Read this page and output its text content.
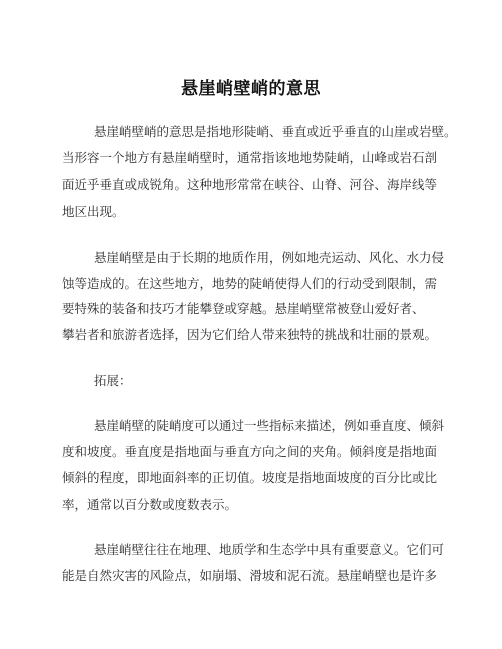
悬崖峭壁峭的意思
悬崖峭壁峭的意思是指地形陡峭、垂直或近乎垂直的山崖或岩壁。
当形容一个地方有悬崖峭壁时，通常指该地地势陡峭，山峰或岩石剖
面近乎垂直或成锐角。这种地形常常在峡谷、山脊、河谷、海岸线等
地区出现。
悬崖峭壁是由于长期的地质作用，例如地壳运动、风化、水力侵
蚀等造成的。在这些地方，地势的陡峭使得人们的行动受到限制，需
要特殊的装备和技巧才能攀登或穿越。悬崖峭壁常被登山爱好者、
攀岩者和旅游者选择，因为它们给人带来独特的挑战和壮丽的景观。
拓展：
悬崖峭壁的陡峭度可以通过一些指标来描述，例如垂直度、倾斜
度和坡度。垂直度是指地面与垂直方向之间的夹角。倾斜度是指地面
倾斜的程度，即地面斜率的正切值。坡度是指地面坡度的百分比或比
率，通常以百分数或度数表示。
悬崖峭壁往往在地理、地质学和生态学中具有重要意义。它们可
能是自然灾害的风险点，如崩塌、滑坡和泥石流。悬崖峭壁也是许多
